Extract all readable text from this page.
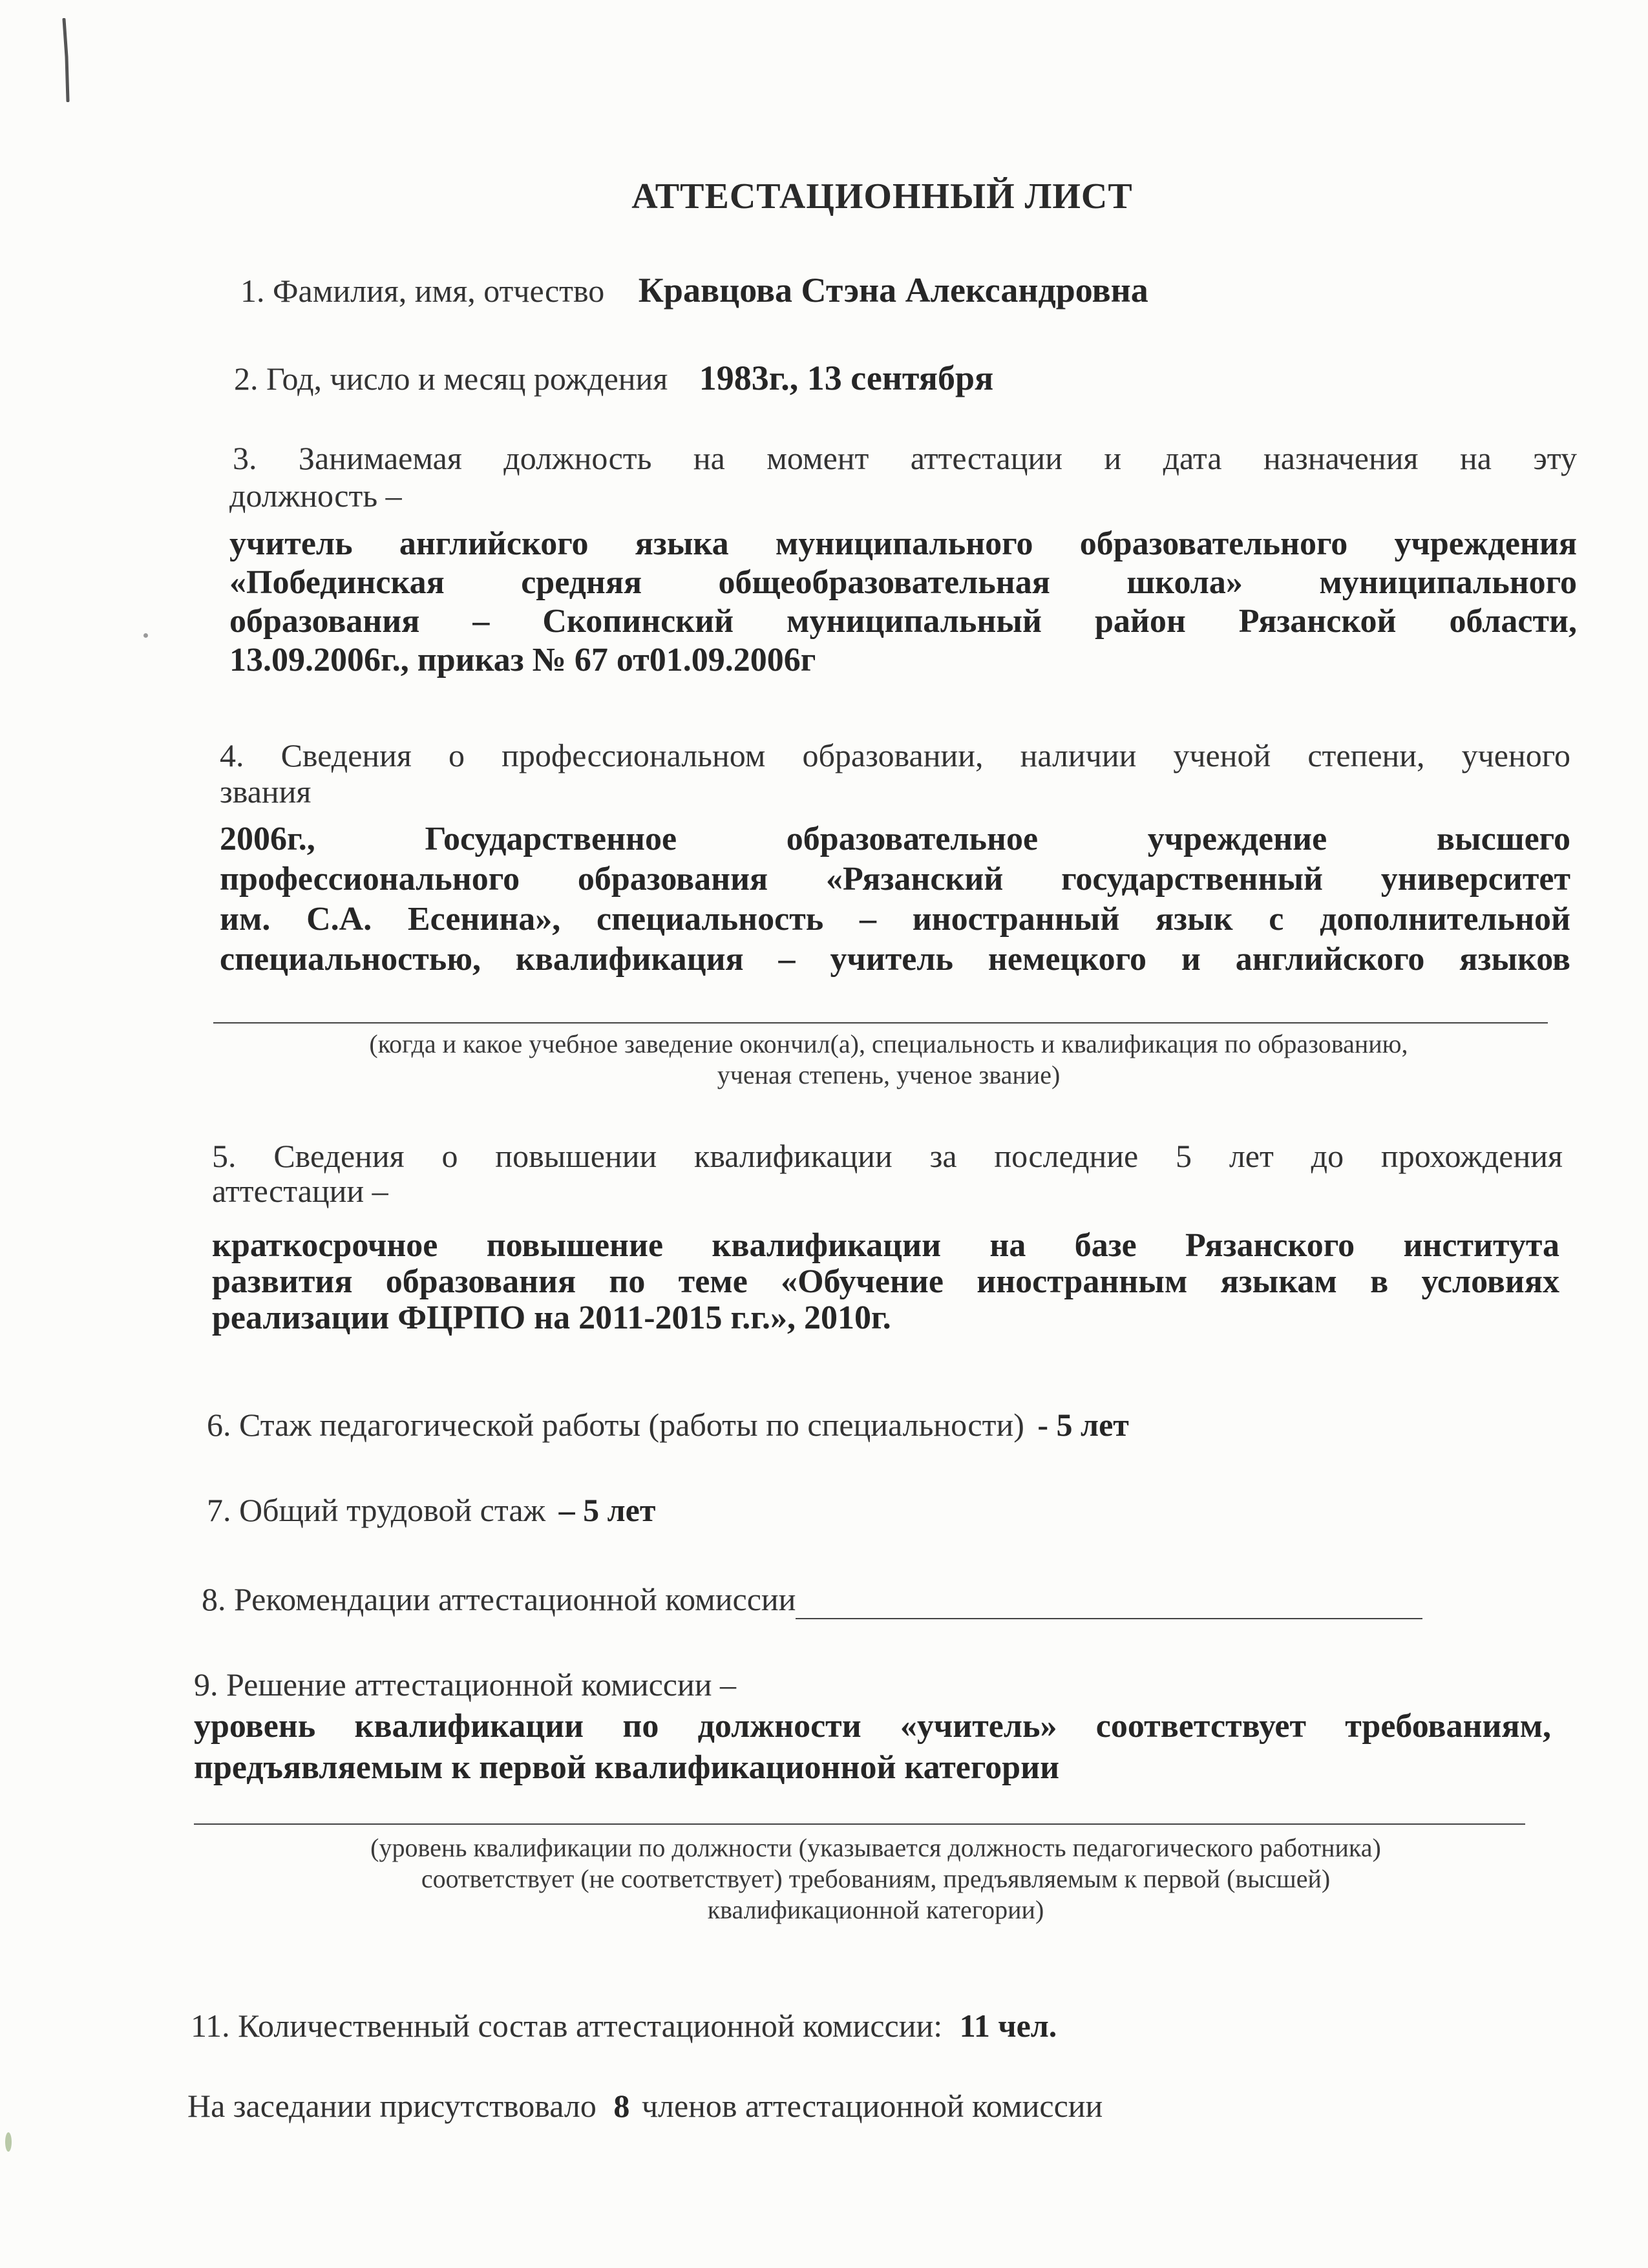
АТТЕСТАЦИОННЫЙ ЛИСТ
1. Фамилия, имя, отчество Кравцова Стэна Александровна
2. Год, число и месяц рождения 1983г., 13 сентября
3. Занимаемая должность на момент аттестации и дата назначения на эту
должность –
учитель английского языка муниципального образовательного учреждения
«Побединская средняя общеобразовательная школа» муниципального
образования – Скопинский муниципальный район Рязанской области,
13.09.2006г., приказ № 67 от01.09.2006г
4. Сведения о профессиональном образовании, наличии ученой степени, ученого
звания
2006г., Государственное образовательное учреждение высшего
профессионального образования «Рязанский государственный университет
им. С.А. Есенина», специальность – иностранный язык с дополнительной
специальностью, квалификация – учитель немецкого и английского языков
(когда и какое учебное заведение окончил(а), специальность и квалификация по образованию,
ученая степень, ученое звание)
5. Сведения о повышении квалификации за последние 5 лет до прохождения
аттестации –
краткосрочное повышение квалификации на базе Рязанского института
развития образования по теме «Обучение иностранным языкам в условиях
реализации ФЦРПО на 2011-2015 г.г.», 2010г.
6. Стаж педагогической работы (работы по специальности) - 5 лет
7. Общий трудовой стаж – 5 лет
8. Рекомендации аттестационной комиссии
9. Решение аттестационной комиссии –
уровень квалификации по должности «учитель» соответствует требованиям,
предъявляемым к первой квалификационной категории
(уровень квалификации по должности (указывается должность педагогического работника)
соответствует (не соответствует) требованиям, предъявляемым к первой (высшей)
квалификационной категории)
11. Количественный состав аттестационной комиссии: 11 чел.
На заседании присутствовало 8 членов аттестационной комиссии
